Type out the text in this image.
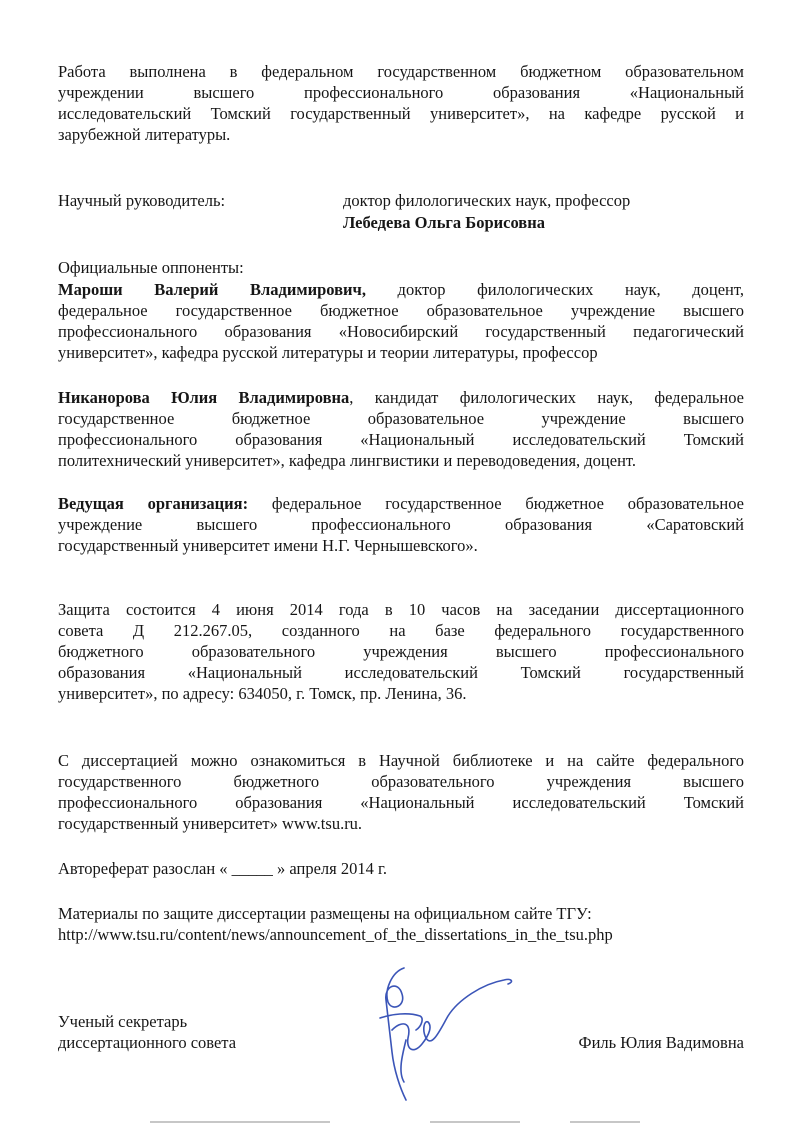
Работа выполнена в федеральном государственном бюджетном образовательном

учреждении высшего профессионального образования «Национальный

исследовательский Томский государственный университет», на кафедре русской и

зарубежной литературы.

Научный руководитель:	доктор филологических наук, профессор
Лебедева Ольга Борисовна
Официальные оппоненты:

Мароши Валерий Владимирович, доктор филологических наук, доцент,

федеральное государственное бюджетное образовательное учреждение высшего

профессионального образования «Новосибирский государственный педагогический

университет», кафедра русской литературы и теории литературы, профессор

Никанорова Юлия Владимировна, кандидат филологических наук, федеральное

государственное бюджетное образовательное учреждение высшего

профессионального образования «Национальный исследовательский Томский

политехнический университет», кафедра лингвистики и переводоведения, доцент.

Ведущая организация: федеральное государственное бюджетное образовательное

учреждение высшего профессионального образования «Саратовский

государственный университет имени Н.Г. Чернышевского».

Защита состоится 4 июня 2014 года в 10 часов на заседании диссертационного

совета Д 212.267.05, созданного на базе федерального государственного

бюджетного образовательного учреждения высшего профессионального

образования «Национальный исследовательский Томский государственный

университет», по адресу: 634050, г. Томск, пр. Ленина, 36.

С диссертацией можно ознакомиться в Научной библиотеке и на сайте федерального

государственного бюджетного образовательного учреждения высшего

профессионального образования «Национальный исследовательский Томский

государственный университет» www.tsu.ru.

Автореферат разослан « _____ » апреля 2014 г.
Материалы по защите диссертации размещены на официальном сайте ТГУ:
http://www.tsu.ru/content/news/announcement_of_the_dissertations_in_the_tsu.php
Ученый секретарь
диссертационного совета	Филь Юлия Вадимовна
